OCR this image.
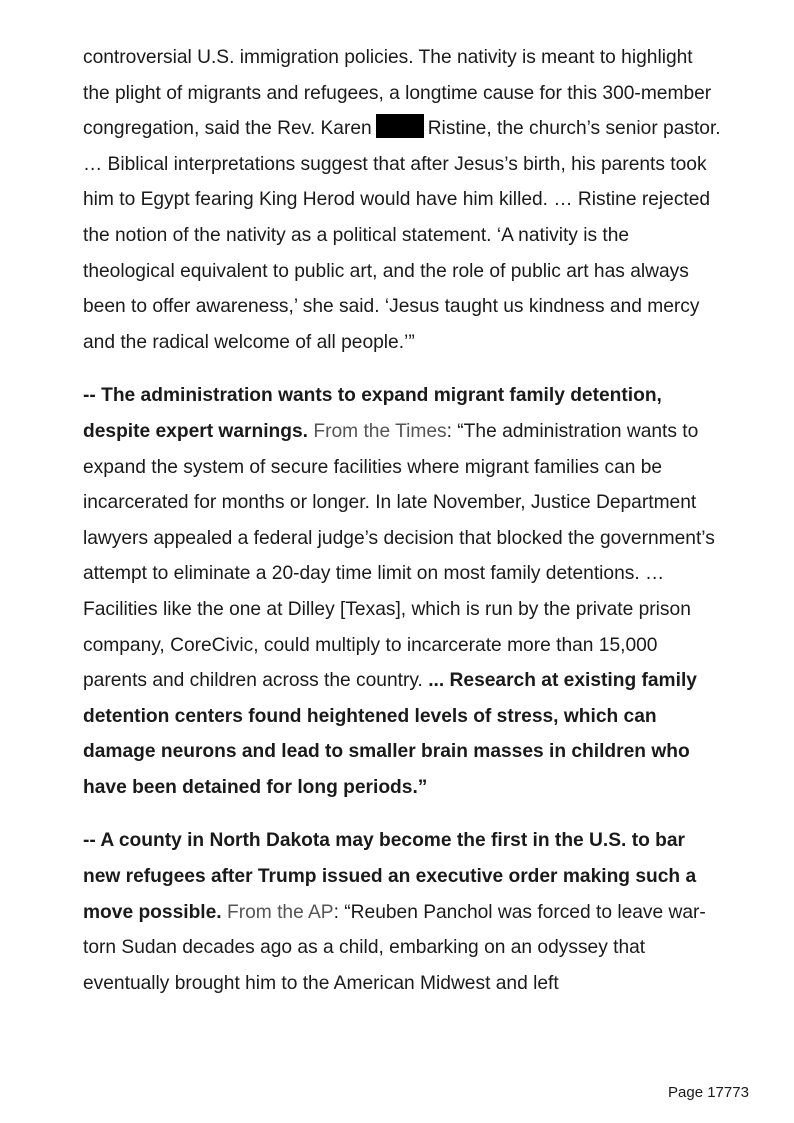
controversial U.S. immigration policies. The nativity is meant to highlight the plight of migrants and refugees, a longtime cause for this 300-member congregation, said the Rev. Karen	Ristine, the church’s senior pastor. … Biblical interpretations suggest that after Jesus’s birth, his parents took him to Egypt fearing King Herod would have him killed. … Ristine rejected the notion of the nativity as a political statement. ‘A nativity is the theological equivalent to public art, and the role of public art has always been to offer awareness,’ she said. ‘Jesus taught us kindness and mercy and the radical welcome of all people.’”

-- The administration wants to expand migrant family detention, despite expert warnings. From the Times: “The administration wants to expand the system of secure facilities where migrant families can be incarcerated for months or longer. In late November, Justice Department lawyers appealed a federal judge’s decision that blocked the government’s attempt to eliminate a 20-day time limit on most family detentions. … Facilities like the one at Dilley [Texas], which is run by the private prison company, CoreCivic, could multiply to incarcerate more than 15,000 parents and children across the country. ... Research at existing family detention centers found heightened levels of stress, which can damage neurons and lead to smaller brain masses in children who have been detained for long periods.”

-- A county in North Dakota may become the first in the U.S. to bar new refugees after Trump issued an executive order making such a move possible. From the AP: “Reuben Panchol was forced to leave war-torn Sudan decades ago as a child, embarking on an odyssey that eventually brought him to the American Midwest and left

Page 17773
